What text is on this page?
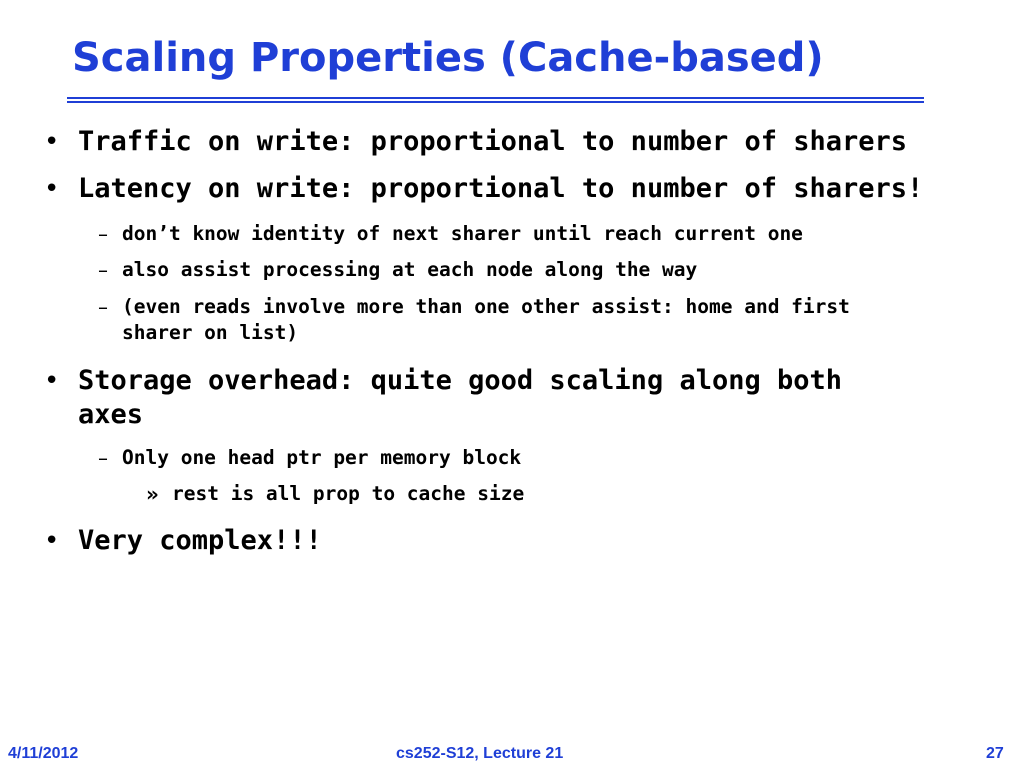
Scaling Properties (Cache-based)
• Traffic on write: proportional to number of sharers
• Latency on write: proportional to number of sharers!
– don’t know identity of next sharer until reach current one
– also assist processing at each node along the way
– (even reads involve more than one other assist: home and first
sharer on list)
• Storage overhead: quite good scaling along both
axes
– Only one head ptr per memory block
» rest is all prop to cache size
• Very complex!!!
4/11/2012	cs252-S12, Lecture 21	27
